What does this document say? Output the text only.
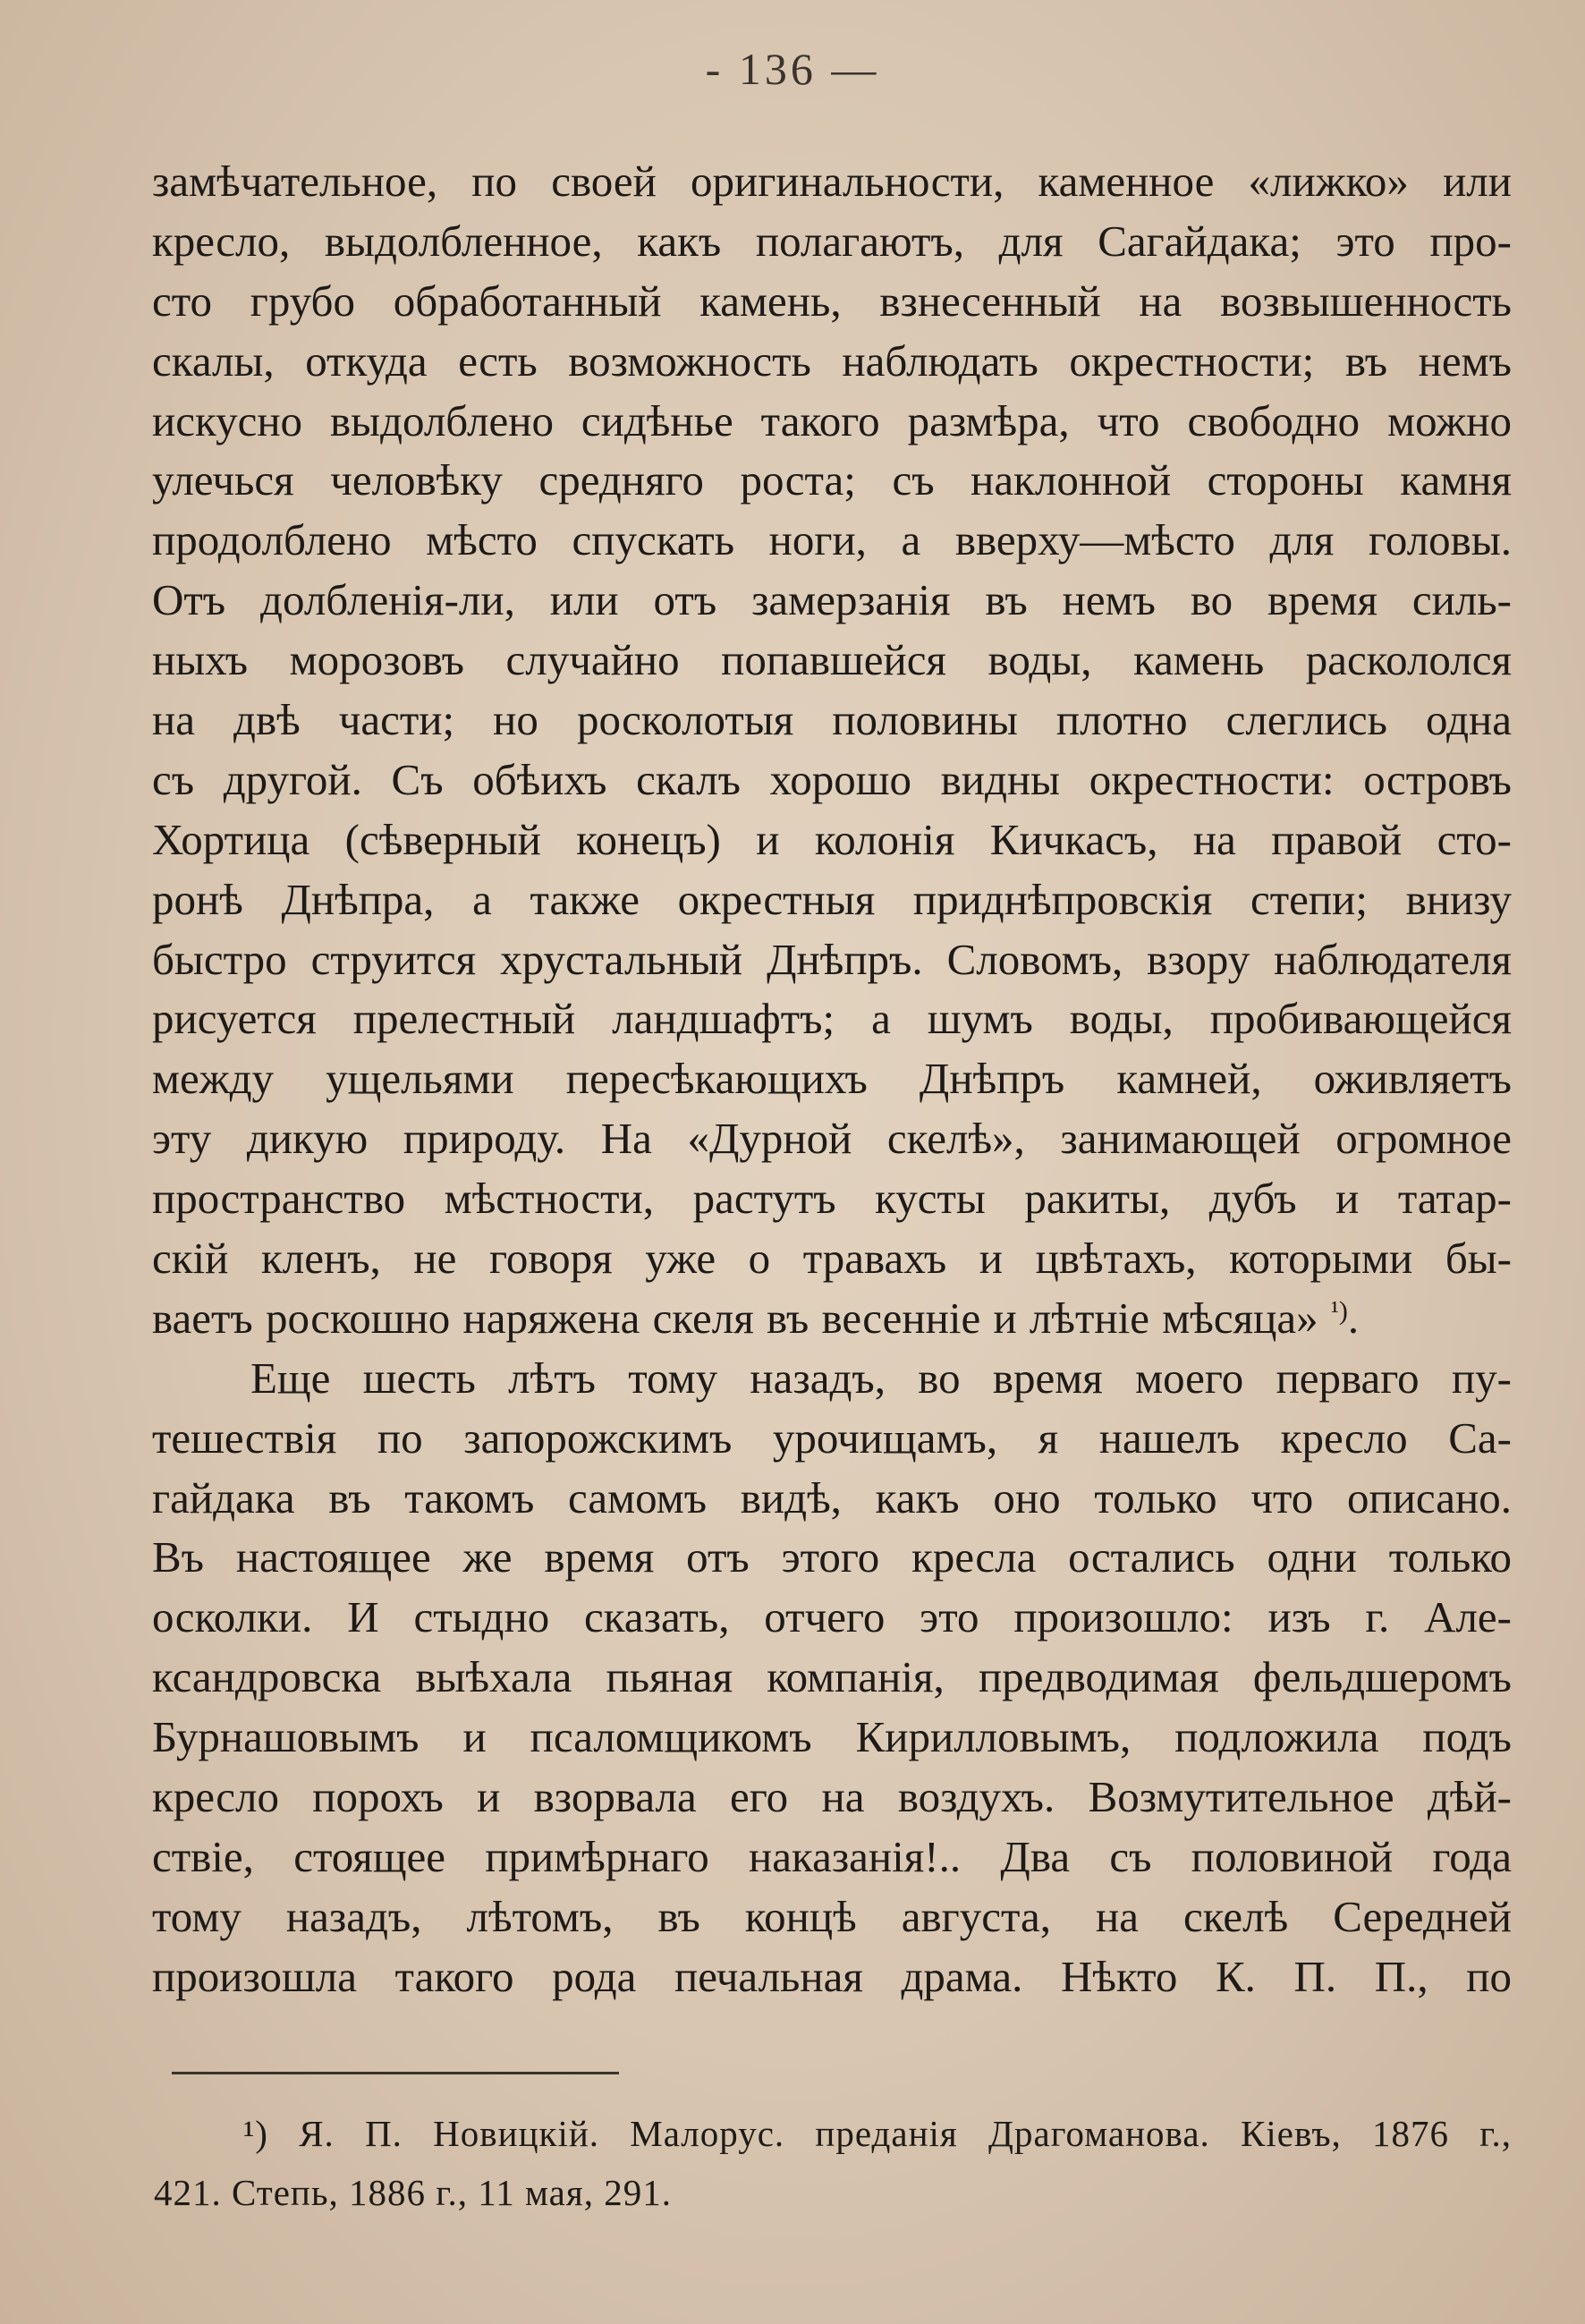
- 136 —
замѣчательное, по своей оригинальности, каменное «лижко» или
кресло, выдолбленное, какъ полагаютъ, для Сагайдака; это про-
сто грубо обработанный камень, взнесенный на возвышенность
скалы, откуда есть возможность наблюдать окрестности; въ немъ
искусно выдолблено сидѣнье такого размѣра, что свободно можно
улечься человѣку средняго роста; съ наклонной стороны камня
продолблено мѣсто спускать ноги, а вверху—мѣсто для головы.
Отъ долбленія-ли, или отъ замерзанія въ немъ во время силь-
ныхъ морозовъ случайно попавшейся воды, камень раскололся
на двѣ части; но росколотыя половины плотно слеглись одна
съ другой. Съ обѣихъ скалъ хорошо видны окрестности: островъ
Хортица (сѣверный конецъ) и колонія Кичкасъ, на правой сто-
ронѣ Днѣпра, а также окрестныя приднѣпровскія степи; внизу
быстро струится хрустальный Днѣпръ. Словомъ, взору наблюдателя
рисуется прелестный ландшафтъ; а шумъ воды, пробивающейся
между ущельями пересѣкающихъ Днѣпръ камней, оживляетъ
эту дикую природу. На «Дурной скелѣ», занимающей огромное
пространство мѣстности, растутъ кусты ракиты, дубъ и татар-
скій кленъ, не говоря уже о травахъ и цвѣтахъ, которыми бы-
ваетъ роскошно наряжена скеля въ весенніе и лѣтніе мѣсяца» $^{^1)}$.
Еще шесть лѣтъ тому назадъ, во время моего перваго пу-
тешествія по запорожскимъ урочищамъ, я нашелъ кресло Са-
гайдака въ такомъ самомъ видѣ, какъ оно только что описано.
Въ настоящее же время отъ этого кресла остались одни только
осколки. И стыдно сказать, отчего это произошло: изъ г. Але-
ксандровска выѣхала пьяная компанія, предводимая фельдшеромъ
Бурнашовымъ и псаломщикомъ Кирилловымъ, подложила подъ
кресло порохъ и взорвала его на воздухъ. Возмутительное дѣй-
ствіе, стоящее примѣрнаго наказанія!.. Два съ половиной года
тому назадъ, лѣтомъ, въ концѣ августа, на скелѣ Середней
произошла такого рода печальная драма. Нѣкто К. П. П., по
¹) Я. П. Новицкій. Малорус. преданія Драгоманова. Кіевъ, 1876 г.,
421. Степь, 1886 г., 11 мая, 291.
